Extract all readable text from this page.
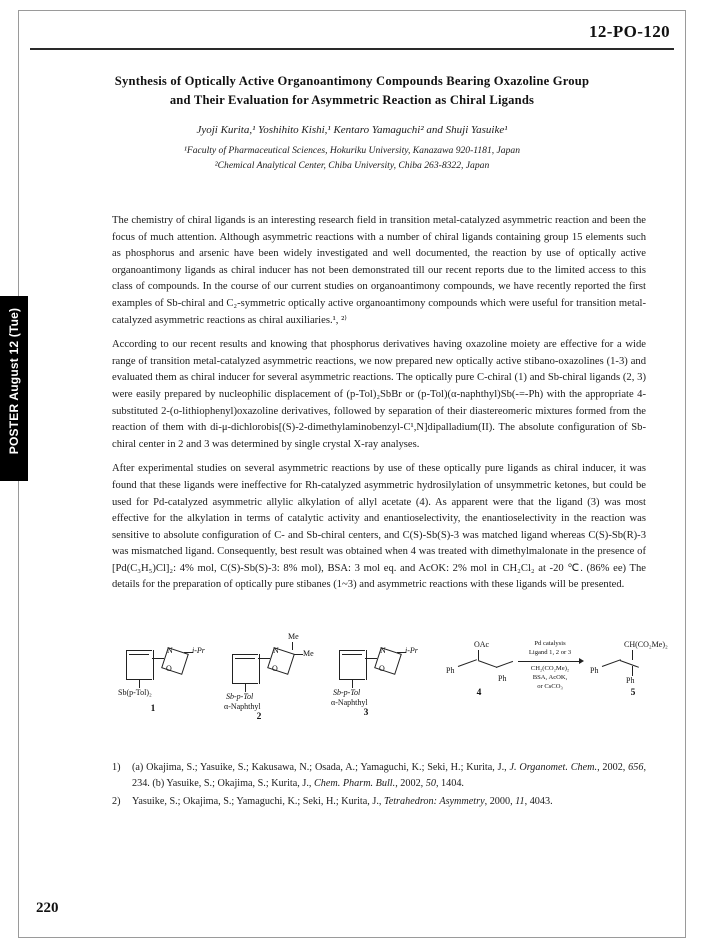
12-PO-120
Synthesis of Optically Active Organoantimony Compounds Bearing Oxazoline Group
and Their Evaluation for Asymmetric Reaction as Chiral Ligands
Jyoji Kurita,¹ Yoshihito Kishi,¹ Kentaro Yamaguchi² and Shuji Yasuike¹
¹Faculty of Pharmaceutical Sciences, Hokuriku University, Kanazawa 920-1181, Japan
²Chemical Analytical Center, Chiba University, Chiba 263-8322, Japan
POSTER August 12 (Tue)

The chemistry of chiral ligands is an interesting research field in transition metal-catalyzed asymmetric reaction and been the focus of much attention. Although asymmetric reactions with a number of chiral ligands containing group 15 elements such as phosphorus and arsenic have been widely investigated and well documented, the reaction by use of optically active organoantimony ligands as chiral inducer has not been demonstrated till our recent reports due to the limited access to this class of compounds. In the course of our current studies on organoantimony compounds, we have recently reported the first examples of Sb-chiral and C₂-symmetric optically active organoantimony compounds which were useful for transition metal-catalyzed asymmetric reactions as chiral auxiliaries.¹, ²⁾

According to our recent results and knowing that phosphorus derivatives having oxazoline moiety are effective for a wide range of transition metal-catalyzed asymmetric reactions, we now prepared new optically active stibano-oxazolines (1-3) and evaluated them as chiral inducer for several asymmetric reactions. The optically pure C-chiral (1) and Sb-chiral ligands (2, 3) were easily prepared by nucleophilic displacement of (p-Tol)₂SbBr or (p-Tol)(α-naphthyl)Sb(-=-Ph) with the appropriate 4-substituted 2-(o-lithiophenyl)oxazoline derivatives, followed by separation of their diastereomeric mixtures formed from the reaction of them with di-μ-dichlorobis[(S)-2-dimethylaminobenzyl-C¹,N]dipalladium(II). The absolute configuration of Sb-chiral center in 2 and 3 was determined by single crystal X-ray analyses.

After experimental studies on several asymmetric reactions by use of these optically pure ligands as chiral inducer, it was found that these ligands were ineffective for Rh-catalyzed asymmetric hydrosilylation of unsymmetric ketones, but could be used for Pd-catalyzed asymmetric allylic alkylation of allyl acetate (4). As apparent were that the ligand (3) was most effective for the alkylation in terms of catalytic activity and enantioselectivity, the enantioselectivity in the reaction was sensitive to absolute configuration of C- and Sb-chiral centers, and C(S)-Sb(S)-3 was matched ligand whereas C(S)-Sb(R)-3 was mismatched ligand. Consequently, best result was obtained when 4 was treated with dimethylmalonate in the presence of [Pd(C₃H₅)Cl]₂: 4% mol, C(S)-Sb(S)-3: 8% mol), BSA: 3 mol eq. and AcOK: 2% mol in CH₂Cl₂ at -20 ℃. (86% ee) The details for the preparation of optically pure stibanes (1~3) and asymmetric reactions with these ligands will be presented.

O
N i-Pr
Sb(p-Tol)₂
1
O
N
Me
Me
Sb-p-Tol
α-Naphthyl
2
O
N i-Pr
Sb-p-Tol
α-Naphthyl
3
OAc
Ph
Ph
4
Pd catalysis
Ligand 1, 2 or 3
CH₂(CO₂Me)₂
BSA, AcOK,
or CsCO₃
CH(CO₂Me)₂
Ph
Ph
5
1)	(a) Okajima, S.; Yasuike, S.; Kakusawa, N.; Osada, A.; Yamaguchi, K.; Seki, H.; Kurita, J., J. Organomet. Chem., 2002, 656, 234. (b) Yasuike, S.; Okajima, S.; Kurita, J., Chem. Pharm. Bull., 2002, 50, 1404.
2)	Yasuike, S.; Okajima, S.; Yamaguchi, K.; Seki, H.; Kurita, J., Tetrahedron: Asymmetry, 2000, 11, 4043.
220
